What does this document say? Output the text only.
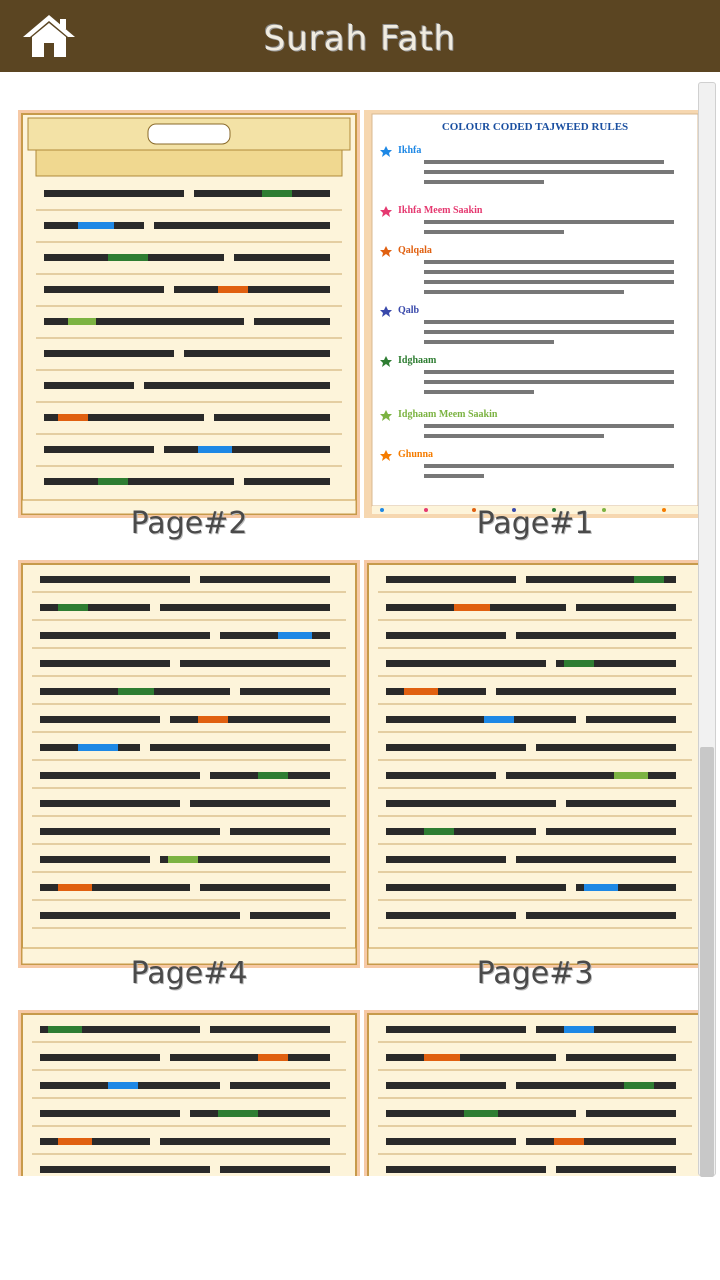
Surah Fath
Page#2
COLOUR CODED TAJWEED RULES
Ikhfa
Ikhfa Meem Saakin
Qalqala
Qalb
Idghaam
Idghaam Meem Saakin
Ghunna
Page#1
Page#4	Page#3
